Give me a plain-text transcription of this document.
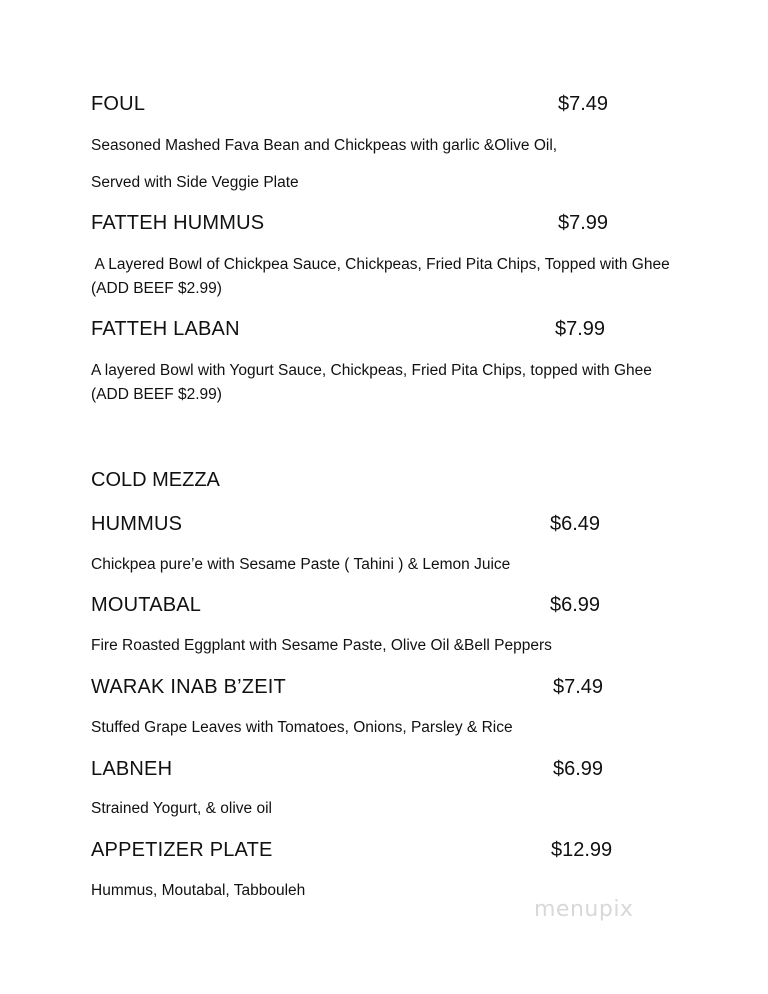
FOUL	$7.49
Seasoned Mashed Fava Bean and Chickpeas with garlic &Olive Oil,
Served with Side Veggie Plate
FATTEH HUMMUS	$7.99
A Layered Bowl of Chickpea Sauce, Chickpeas, Fried Pita Chips, Topped with Ghee
(ADD BEEF $2.99)
FATTEH LABAN	$7.99
A layered Bowl with Yogurt Sauce, Chickpeas, Fried Pita Chips, topped with Ghee
(ADD BEEF $2.99)
COLD MEZZA
HUMMUS	$6.49
Chickpea pure’e with Sesame Paste ( Tahini ) & Lemon Juice
MOUTABAL	$6.99
Fire Roasted Eggplant with Sesame Paste, Olive Oil &Bell Peppers
WARAK INAB B’ZEIT	$7.49
Stuffed Grape Leaves with Tomatoes, Onions, Parsley & Rice
LABNEH	$6.99
Strained Yogurt, & olive oil
APPETIZER PLATE	$12.99
Hummus, Moutabal, Tabbouleh
menupix
